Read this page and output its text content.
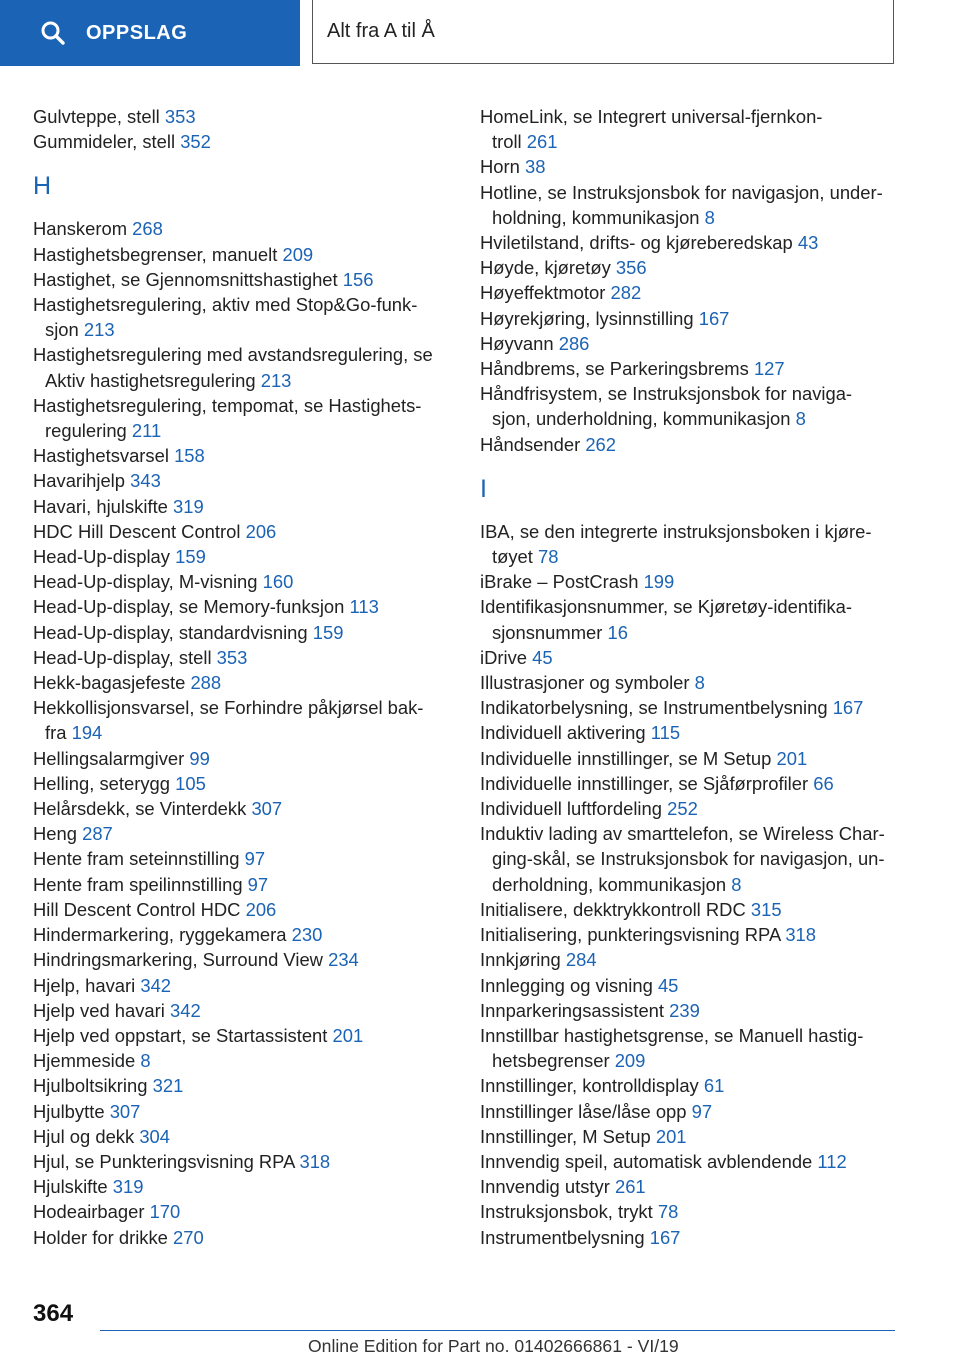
OPPSLAG	Alt fra A til Å

Gulvteppe, stell 353

Gummideler, stell 352

H

Hanskerom 268

Hastighetsbegrenser, manuelt 209

Hastighet, se Gjennomsnittshastighet 156

Hastighetsregulering, aktiv med Stop&Go-funk-
sjon 213

Hastighetsregulering med avstandsregulering, se
Aktiv hastighetsregulering 213

Hastighetsregulering, tempomat, se Hastighets-
regulering 211

Hastighetsvarsel 158

Havarihjelp 343

Havari, hjulskifte 319

HDC Hill Descent Control 206

Head-Up-display 159

Head-Up-display, M-visning 160

Head-Up-display, se Memory-funksjon 113

Head-Up-display, standardvisning 159

Head-Up-display, stell 353

Hekk-bagasjefeste 288

Hekkollisjonsvarsel, se Forhindre påkjørsel bak-
fra 194

Hellingsalarmgiver 99

Helling, seterygg 105

Helårsdekk, se Vinterdekk 307

Heng 287

Hente fram seteinnstilling 97

Hente fram speilinnstilling 97

Hill Descent Control HDC 206

Hindermarkering, ryggekamera 230

Hindringsmarkering, Surround View 234

Hjelp, havari 342

Hjelp ved havari 342

Hjelp ved oppstart, se Startassistent 201

Hjemmeside 8

Hjulboltsikring 321

Hjulbytte 307

Hjul og dekk 304

Hjul, se Punkteringsvisning RPA 318

Hjulskifte 319

Hodeairbager 170

Holder for drikke 270

HomeLink, se Integrert universal-fjernkon-
troll 261

Horn 38

Hotline, se Instruksjonsbok for navigasjon, under-
holdning, kommunikasjon 8

Hviletilstand, drifts- og kjøreberedskap 43

Høyde, kjøretøy 356

Høyeffektmotor 282

Høyrekjøring, lysinnstilling 167

Høyvann 286

Håndbrems, se Parkeringsbrems 127

Håndfrisystem, se Instruksjonsbok for naviga-
sjon, underholdning, kommunikasjon 8

Håndsender 262

I

IBA, se den integrerte instruksjonsboken i kjøre-
tøyet 78

iBrake – PostCrash 199

Identifikasjonsnummer, se Kjøretøy-identifika-
sjonsnummer 16

iDrive 45

Illustrasjoner og symboler 8

Indikatorbelysning, se Instrumentbelysning 167

Individuell aktivering 115

Individuelle innstillinger, se M Setup 201

Individuelle innstillinger, se Sjåførprofiler 66

Individuell luftfordeling 252

Induktiv lading av smarttelefon, se Wireless Char-
ging-skål, se Instruksjonsbok for navigasjon, un-
derholdning, kommunikasjon 8

Initialisere, dekktrykkontroll RDC 315

Initialisering, punkteringsvisning RPA 318

Innkjøring 284

Innlegging og visning 45

Innparkeringsassistent 239

Innstillbar hastighetsgrense, se Manuell hastig-
hetsbegrenser 209

Innstillinger, kontrolldisplay 61

Innstillinger låse/låse opp 97

Innstillinger, M Setup 201

Innvendig speil, automatisk avblendende 112

Innvendig utstyr 261

Instruksjonsbok, trykt 78

Instrumentbelysning 167

364
Online Edition for Part no. 01402666861 - VI/19
